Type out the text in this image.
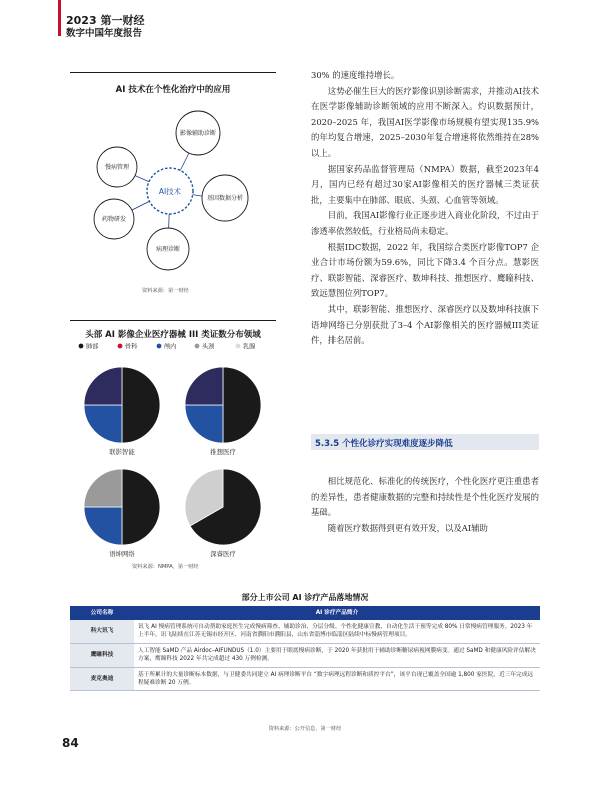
2023 第一财经
数字中国年度报告
AI 技术在个性化治疗中的应用
AI技术
影像辅助诊断
慢病管理
基因数据分析
药物研发
病理诊断
资料来源：第一财经
头部 AI 影像企业医疗器械 III 类证数分布领域
肺部	骨科	颅内	头颈	乳腺
联影智能	推想医疗
语坤网络	深睿医疗
资料来源：NMPA，第一财经

30% 的速度维持增长。

这势必催生巨大的医疗影像识别诊断需求，并推动AI技术在医学影像辅助诊断领域的应用不断深入。灼识数据预计，2020–2025 年，我国AI医学影像市场规模有望实现135.9% 的年均复合增速，2025–2030年复合增速将依然维持在28% 以上。

据国家药品监督管理局（NMPA）数据，截至2023年4月，国内已经有超过30家AI影像相关的医疗器械三类证获批，主要集中在肺部、眼底、头颈、心血管等领域。

目前，我国AI影像行业正逐步进入商业化阶段，不过由于渗透率依然较低，行业格局尚未稳定。

根据IDC数据，2022 年，我国综合类医疗影像TOP7 企业合计市场份额为59.6%，同比下降3.4 个百分点。慧影医疗、联影智能、深睿医疗、数坤科技、推想医疗、鹰瞳科技、致远慧图位列TOP7。

其中，联影智能、推想医疗、深睿医疗以及数坤科技旗下语坤网络已分别获批了3–4 个AI影像相关的医疗器械III类证件，排名居前。

5.3.5 个性化诊疗实现难度逐步降低

相比规范化、标准化的传统医疗，个性化医疗更注重患者的差异性，患者健康数据的完整和持续性是个性化医疗发展的基础。

随着医疗数据得到更有效开发，以及AI辅助

部分上市公司 AI 诊疗产品落地情况
公司名称	AI 诊疗产品简介
科大讯飞	讯飞 AI 慢病管理系统可自动帮助家庭医生完成慢病筛查、辅助诊治、分层分级、个性化健康宣教、自动化生活干预等完成 80% 日常慢病管理服务。2023 年上半年，讯飞陆续在江苏无锡市经开区、河南省濮阳市濮阳县、山东省淄博市临淄区陆续中标慢病管理项目。
鹰瞳科技	人工智能 SaMD 产品 Airdoc–AIFUNDUS（1.0）主要用于眼底慢病诊断，于 2020 年获批用于辅助诊断糖尿病视网膜病变。通过 SaMD 和健康风险评估解决方案，鹰瞳科技 2022 年共完成超过 430 万例检测。
麦克奥迪	基于所累计的大量诊断标本数据，与卫健委共同建立 AI 病理诊断平台 “数字病理远程诊断和质控平台”，该平台现已覆盖全国逾 1,800 家医院，近三年完成远程疑难诊断 20 万例。
资料来源：公开信息，第一财经
84
